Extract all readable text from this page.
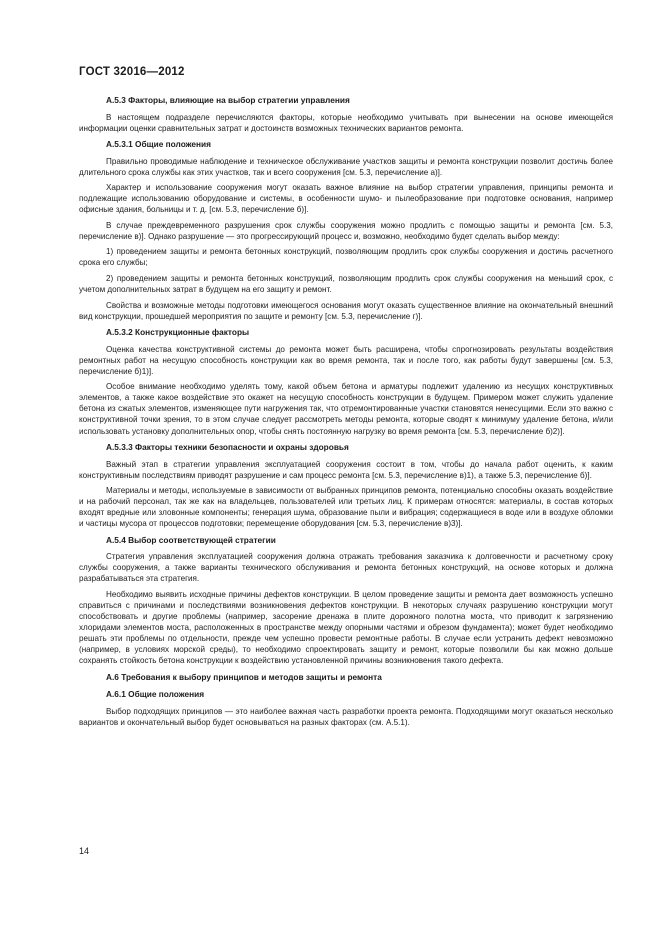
ГОСТ 32016—2012
А.5.3 Факторы, влияющие на выбор стратегии управления

В настоящем подразделе перечисляются факторы, которые необходимо учитывать при вынесении на основе имеющейся информации оценки сравнительных затрат и достоинств возможных технических вариантов ремонта.

А.5.3.1 Общие положения

Правильно проводимые наблюдение и техническое обслуживание участков защиты и ремонта конструкции позволит достичь более длительного срока службы как этих участков, так и всего сооружения [см. 5.3, перечисление а)].

Характер и использование сооружения могут оказать важное влияние на выбор стратегии управления, принципы ремонта и подлежащие использованию оборудование и системы, в особенности шумо- и пылеобразование при подготовке основания, например офисные здания, больницы и т. д. [см. 5.3, перечисление б)].

В случае преждевременного разрушения срок службы сооружения можно продлить с помощью защиты и ремонта [см. 5.3, перечисление в)]. Однако разрушение — это прогрессирующий процесс и, возможно, необходимо будет сделать выбор между:

1) проведением защиты и ремонта бетонных конструкций, позволяющим продлить срок службы сооружения и достичь расчетного срока его службы;

2) проведением защиты и ремонта бетонных конструкций, позволяющим продлить срок службы сооружения на меньший срок, с учетом дополнительных затрат в будущем на его защиту и ремонт.

Свойства и возможные методы подготовки имеющегося основания могут оказать существенное влияние на окончательный внешний вид конструкции, прошедшей мероприятия по защите и ремонту [см. 5.3, перечисление г)].

А.5.3.2 Конструкционные факторы

Оценка качества конструктивной системы до ремонта может быть расширена, чтобы спрогнозировать результаты воздействия ремонтных работ на несущую способность конструкции как во время ремонта, так и после того, как работы будут завершены [см. 5.3, перечисление б)1)].

Особое внимание необходимо уделять тому, какой объем бетона и арматуры подлежит удалению из несущих конструктивных элементов, а также какое воздействие это окажет на несущую способность конструкции в будущем. Примером может служить удаление бетона из сжатых элементов, изменяющее пути нагружения так, что отремонтированные участки становятся ненесущими. Если это важно с конструктивной точки зрения, то в этом случае следует рассмотреть методы ремонта, которые сводят к минимуму удаление бетона, и/или использовать установку дополнительных опор, чтобы снять постоянную нагрузку во время ремонта [см. 5.3, перечисление б)2)].

А.5.3.3 Факторы техники безопасности и охраны здоровья

Важный этап в стратегии управления эксплуатацией сооружения состоит в том, чтобы до начала работ оценить, к каким конструктивным последствиям приводят разрушение и сам процесс ремонта [см. 5.3, перечисление в)1), а также 5.3, перечисление б)].

Материалы и методы, используемые в зависимости от выбранных принципов ремонта, потенциально способны оказать воздействие и на рабочий персонал, так же как на владельцев, пользователей или третьих лиц. К примерам относятся: материалы, в состав которых входят вредные или зловонные компоненты; генерация шума, образование пыли и вибрация; содержащиеся в воде или в воздухе обломки и частицы мусора от процессов подготовки; перемещение оборудования [см. 5.3, перечисление в)3)].

А.5.4 Выбор соответствующей стратегии

Стратегия управления эксплуатацией сооружения должна отражать требования заказчика к долговечности и расчетному сроку службы сооружения, а также варианты технического обслуживания и ремонта бетонных конструкций, на основе которых и должна разрабатываться эта стратегия.

Необходимо выявить исходные причины дефектов конструкции. В целом проведение защиты и ремонта дает возможность успешно справиться с причинами и последствиями возникновения дефектов конструкции. В некоторых случаях разрушению конструкции могут способствовать и другие проблемы (например, засорение дренажа в плите дорожного полотна моста, что приводит к загрязнению хлоридами элементов моста, расположенных в пространстве между опорными частями и обрезом фундамента); может будет необходимо решать эти проблемы по отдельности, прежде чем успешно провести ремонтные работы. В случае если устранить дефект невозможно (например, в условиях морской среды), то необходимо спроектировать защиту и ремонт, которые позволили бы как можно дольше сохранять стойкость бетона конструкции к воздействию установленной причины возникновения такого дефекта.

А.6 Требования к выбору принципов и методов защиты и ремонта
А.6.1 Общие положения

Выбор подходящих принципов — это наиболее важная часть разработки проекта ремонта. Подходящими могут оказаться несколько вариантов и окончательный выбор будет основываться на разных факторах (см. А.5.1).

14
